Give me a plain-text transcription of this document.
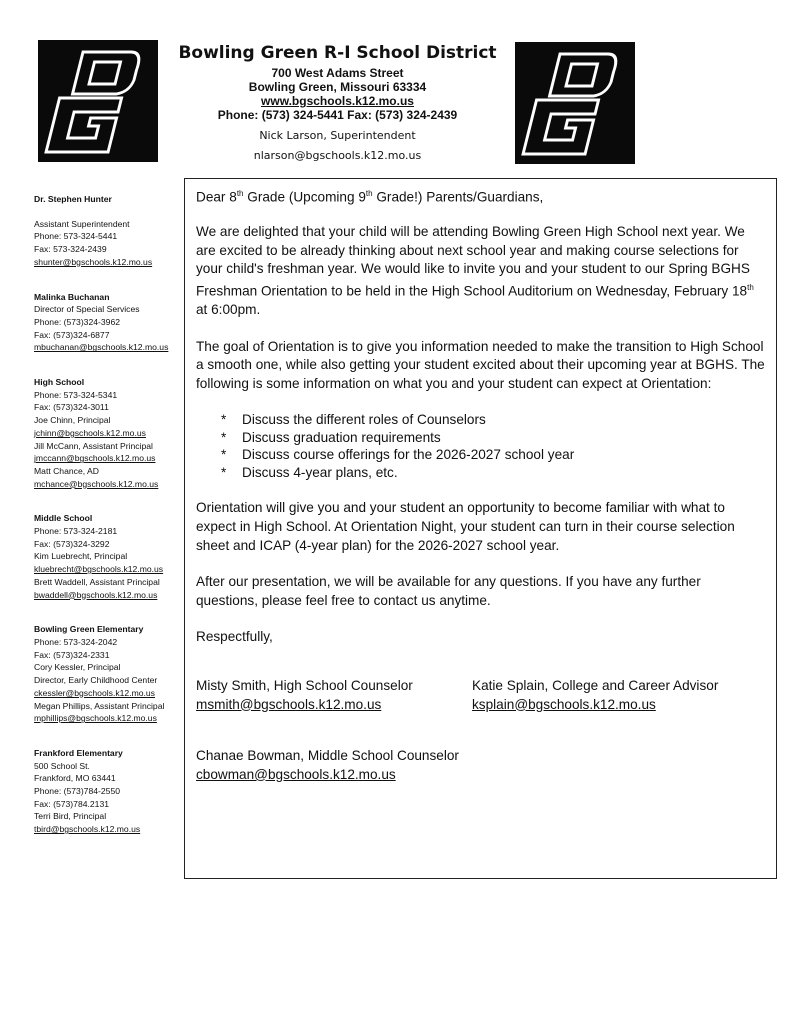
Bowling Green R-I School District
700 West Adams Street
Bowling Green, Missouri 63334
www.bgschools.k12.mo.us
Phone: (573) 324-5441 Fax: (573) 324-2439
Nick Larson, Superintendent
nlarson@bgschools.k12.mo.us
Dr. Stephen Hunter
Assistant Superintendent
Phone: 573-324-5441
Fax: 573-324-2439
shunter@bgschools.k12.mo.us
Malinka Buchanan
Director of Special Services
Phone: (573)324-3962
Fax: (573)324-6877
mbuchanan@bgschools.k12.mo.us
High School
Phone: 573-324-5341
Fax: (573)324-3011
Joe Chinn, Principal
jchinn@bgschools.k12.mo.us
Jill McCann, Assistant Principal
jmccann@bgschools.k12.mo.us
Matt Chance, AD
mchance@bgschools.k12.mo.us
Middle School
Phone: 573-324-2181
Fax: (573)324-3292
Kim Luebrecht, Principal
kluebrecht@bgschools.k12.mo.us
Brett Waddell, Assistant Principal
bwaddell@bgschools.k12.mo.us
Bowling Green Elementary
Phone: 573-324-2042
Fax: (573)324-2331
Cory Kessler, Principal
Director, Early Childhood Center
ckessler@bgschools.k12.mo.us
Megan Phillips, Assistant Principal
mphillips@bgschools.k12.mo.us
Frankford Elementary
500 School St.
Frankford, MO 63441
Phone: (573)784-2550
Fax: (573)784.2131
Terri Bird, Principal
tbird@bgschools.k12.mo.us

Dear 8th Grade (Upcoming 9th Grade!) Parents/Guardians,

We are delighted that your child will be attending Bowling Green High School next year. We are excited to be already thinking about next school year and making course selections for your child's freshman year. We would like to invite you and your student to our Spring BGHS Freshman Orientation to be held in the High School Auditorium on Wednesday, February 18th at 6:00pm.

The goal of Orientation is to give you information needed to make the transition to High School a smooth one, while also getting your student excited about their upcoming year at BGHS. The following is some information on what you and your student can expect at Orientation:

* Discuss the different roles of Counselors
* Discuss graduation requirements
* Discuss course offerings for the 2026-2027 school year
* Discuss 4-year plans, etc.

Orientation will give you and your student an opportunity to become familiar with what to expect in High School. At Orientation Night, your student can turn in their course selection sheet and ICAP (4-year plan) for the 2026-2027 school year.

After our presentation, we will be available for any questions. If you have any further questions, please feel free to contact us anytime.

Respectfully,

Misty Smith, High School Counselor
msmith@bgschools.k12.mo.us
Katie Splain, College and Career Advisor
ksplain@bgschools.k12.mo.us
Chanae Bowman, Middle School Counselor
cbowman@bgschools.k12.mo.us
